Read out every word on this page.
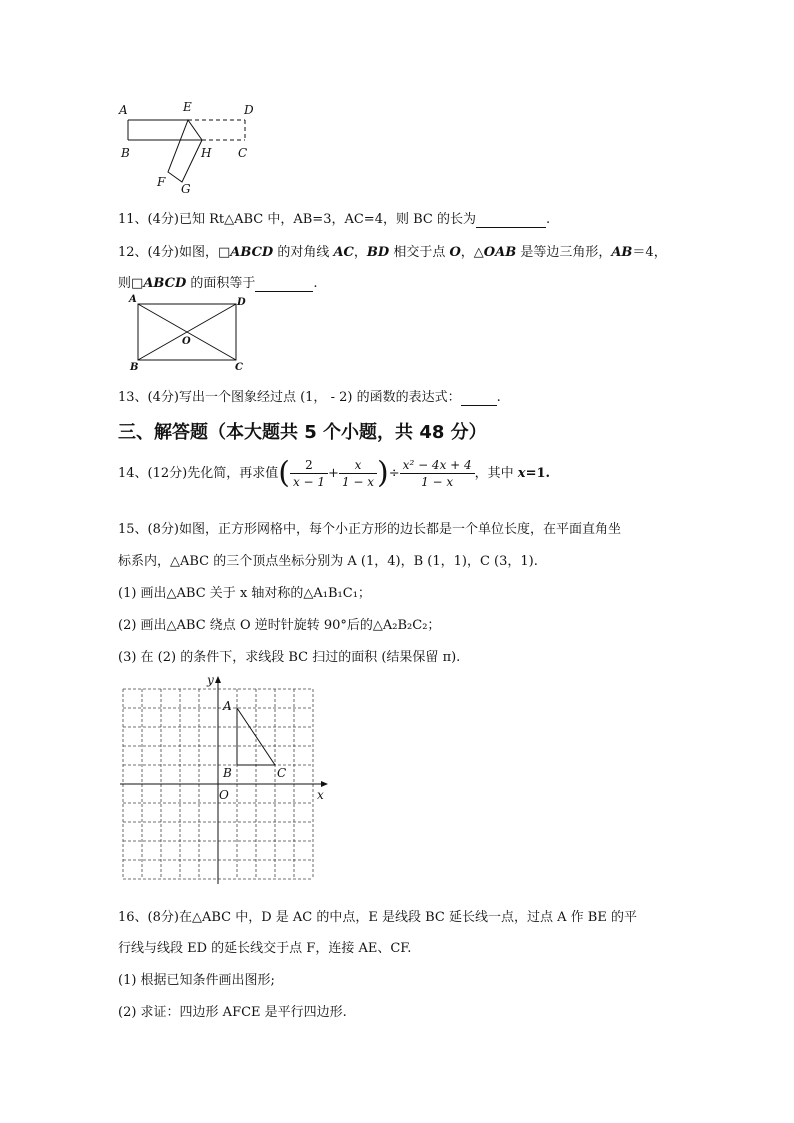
A	E	D
B	H C
F G
11、(4分)已知 Rt△ABC 中，AB=3，AC=4，则 BC 的长为	.
12、(4分)如图，□ABCD 的对角线 AC，BD 相交于点 O，△OAB 是等边三角形，AB＝4，
则□ABCD 的面积等于	.
A	D
O
B	C
13、(4分)写出一个图象经过点 (1， - 2) 的函数的表达式：	.
三、解答题（本大题共 5 个小题，共 48 分）
14、(12分)先化简，再求值( $\frac{2}{x - 1} + \frac{x}{1 - x}$ )÷ $\frac{\text{x² − 4x + 4}}{1 - x}$ ，其中 x=1.
15、(8分)如图，正方形网格中，每个小正方形的边长都是一个单位长度，在平面直角坐
标系内，△ABC 的三个顶点坐标分别为 A (1，4)，B (1，1)，C (3，1).
(1) 画出△ABC 关于 x 轴对称的△A₁B₁C₁；
(2) 画出△ABC 绕点 O 逆时针旋转 90°后的△A₂B₂C₂；
(3) 在 (2) 的条件下，求线段 BC 扫过的面积 (结果保留 π).
y
x
O
A
B	C
16、(8分)在△ABC 中，D 是 AC 的中点，E 是线段 BC 延长线一点，过点 A 作 BE 的平
行线与线段 ED 的延长线交于点 F，连接 AE、CF.
(1) 根据已知条件画出图形;
(2) 求证：四边形 AFCE 是平行四边形.
